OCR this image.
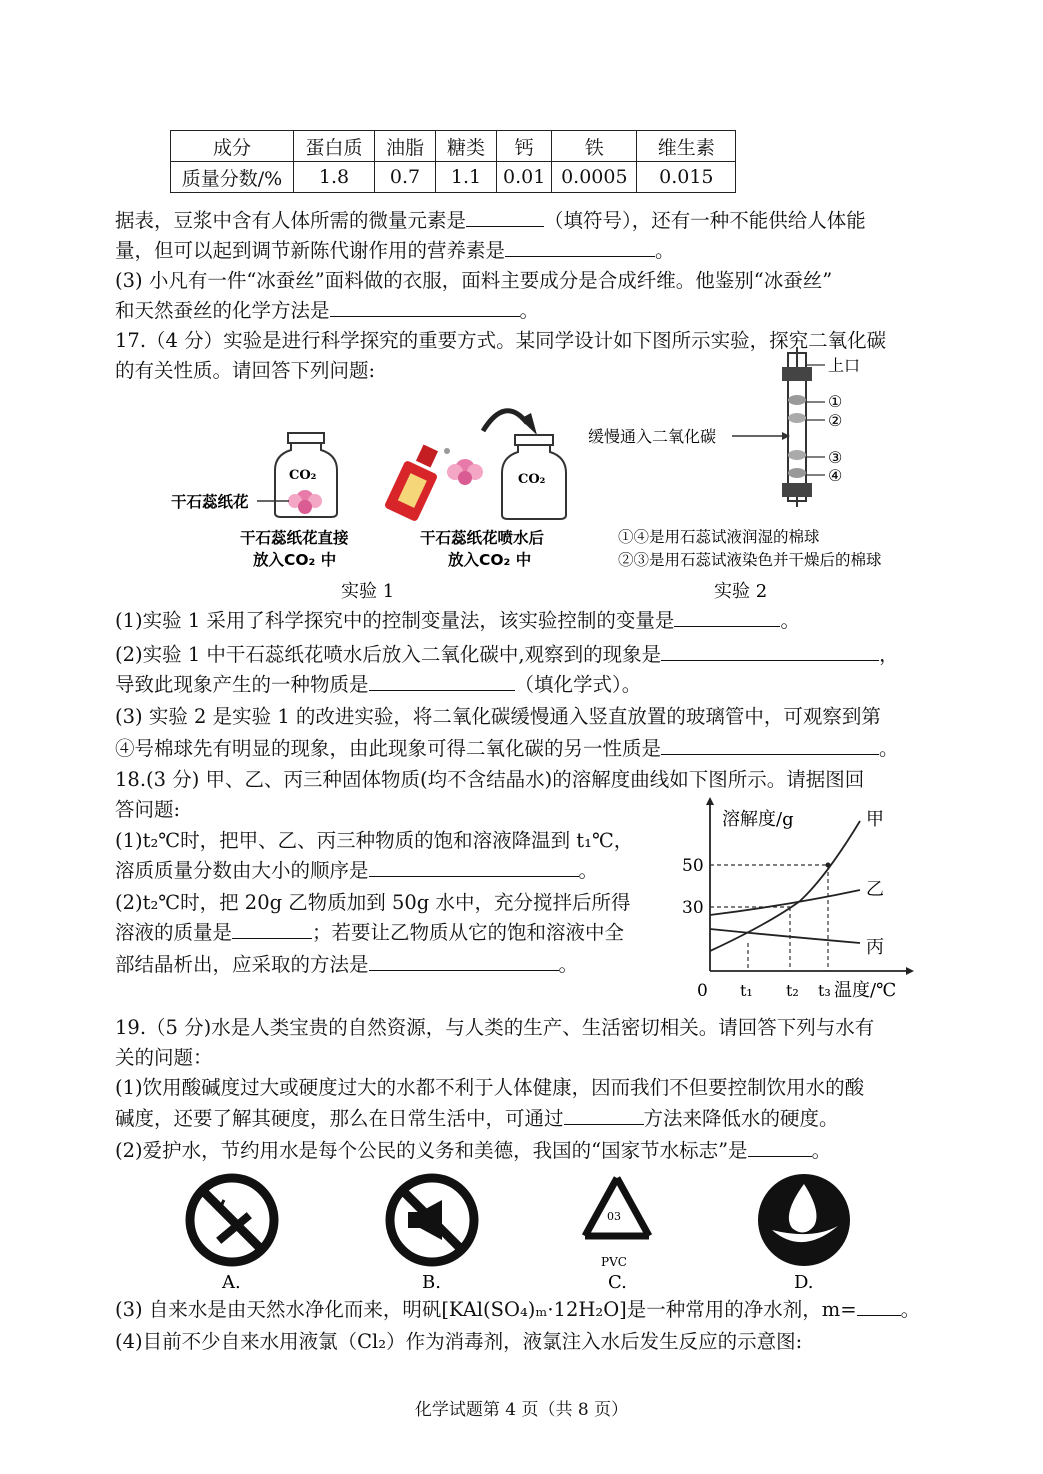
成分	蛋白质	油脂	糖类	钙	铁	维生素
质量分数/%	1.8	0.7	1.1	0.01	0.0005	0.015
据表，豆浆中含有人体所需的微量元素是	（填符号），还有一种不能供给人体能
量，但可以起到调节新陈代谢作用的营养素是	。
(3) 小凡有一件“冰蚕丝”面料做的衣服，面料主要成分是合成纤维。他鉴别“冰蚕丝”
和天然蚕丝的化学方法是	。
17.（4 分）实验是进行科学探究的重要方式。某同学设计如下图所示实验，探究二氧化碳
的有关性质。请回答下列问题:
CO₂
干石蕊纸花
CO₂
干石蕊纸花直接
放入CO₂ 中
干石蕊纸花喷水后
放入CO₂ 中
实验 1
上口
①
②
③
④
缓慢通入二氧化碳
①④是用石蕊试液润湿的棉球
②③是用石蕊试液染色并干燥后的棉球
实验 2
(1)实验 1 采用了科学探究中的控制变量法，该实验控制的变量是	。
(2)实验 1 中干石蕊纸花喷水后放入二氧化碳中,观察到的现象是	，
导致此现象产生的一种物质是	（填化学式）。
(3) 实验 2 是实验 1 的改进实验，将二氧化碳缓慢通入竖直放置的玻璃管中，可观察到第
④号棉球先有明显的现象，由此现象可得二氧化碳的另一性质是	。
18.(3 分) 甲、乙、丙三种固体物质(均不含结晶水)的溶解度曲线如下图所示。请据图回
答问题:
(1)t₂℃时，把甲、乙、丙三种物质的饱和溶液降温到 t₁℃，
溶质质量分数由大小的顺序是	。
(2)t₂℃时，把 20g 乙物质加到 50g 水中，充分搅拌后所得
溶液的质量是	；若要让乙物质从它的饱和溶液中全
部结晶析出，应采取的方法是	。
溶解度/g
温度/℃
0 t₁ t₂ t₃
50
30
甲
乙
丙
19.（5 分)水是人类宝贵的自然资源，与人类的生产、生活密切相关。请回答下列与水有
关的问题：
(1)饮用酸碱度过大或硬度过大的水都不利于人体健康，因而我们不但要控制饮用水的酸
碱度，还要了解其硬度，那么在日常生活中，可通过	方法来降低水的硬度。
(2)爱护水，节约用水是每个公民的义务和美德，我国的“国家节水标志”是	。
03
PVC
A.	B.	C.	D.
(3) 自来水是由天然水净化而来，明矾[KAl(SO₄)ₘ·12H₂O]是一种常用的净水剂，m= 。
(4)目前不少自来水用液氯（Cl₂）作为消毒剂，液氯注入水后发生反应的示意图:
化学试题第 4 页（共 8 页）
